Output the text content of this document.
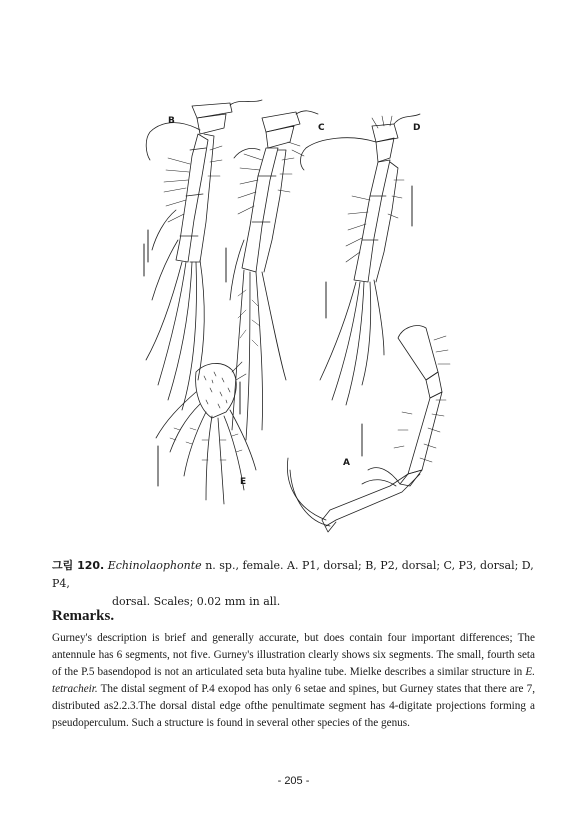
B
C	D
E
A
그림 120. Echinolaophonte n. sp., female. A. P1, dorsal; B, P2, dorsal; C, P3, dorsal; D, P4,
dorsal. Scales; 0.02 mm in all.
Remarks.

Gurney's description is brief and generally accurate, but does contain four important differences; The antennule has 6 segments, not five. Gurney's illustration clearly shows six segments. The small, fourth seta of the P.5 basendopod is not an articulated seta buta hyaline tube. Mielke describes a similar structure in E. tetracheir. The distal segment of P.4 exopod has only 6 setae and spines, but Gurney states that there are 7, distributed as2.2.3.The dorsal distal edge ofthe penultimate segment has 4-digitate projections forming a pseudoperculum. Such a structure is found in several other species of the genus.

- 205 -
